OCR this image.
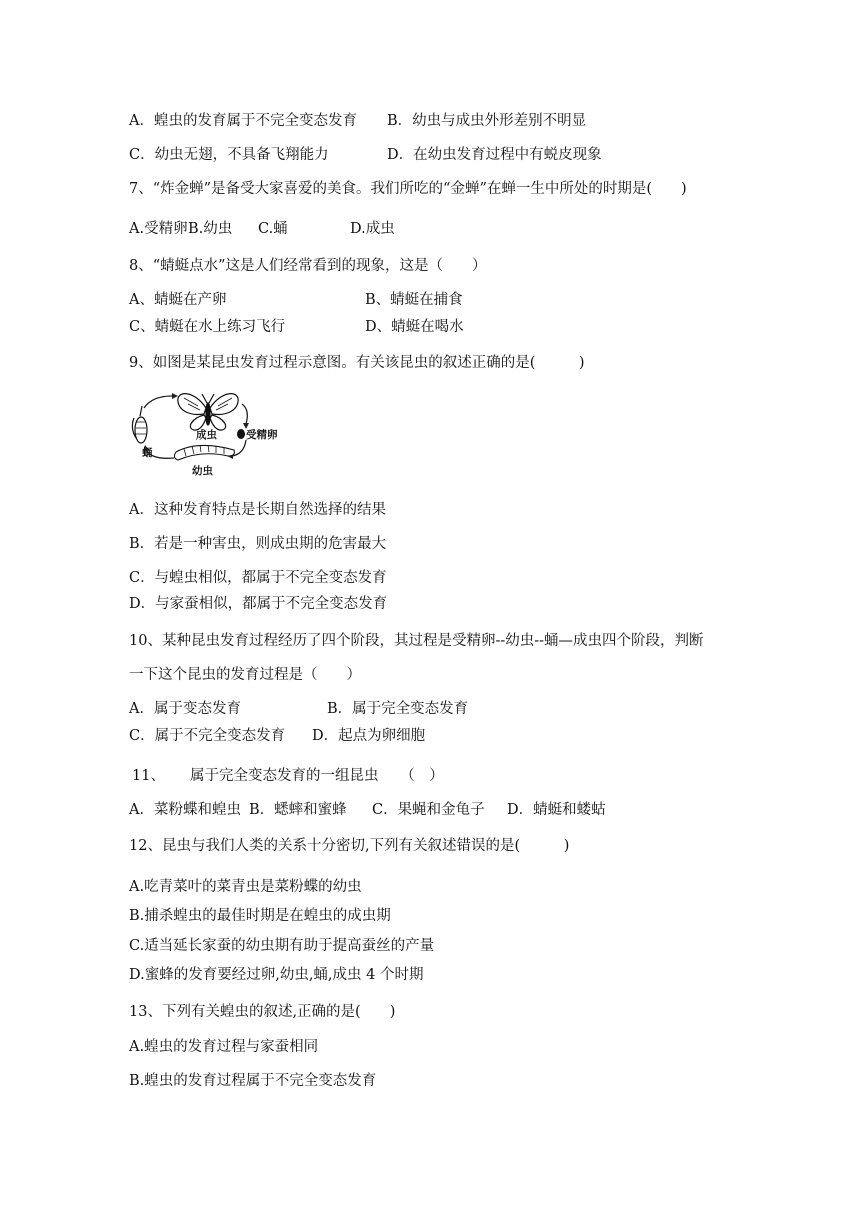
A．蝗虫的发育属于不完全变态发育 B．幼虫与成虫外形差别不明显
C．幼虫无翅，不具备飞翔能力	D．在幼虫发育过程中有蜕皮现象
7、“炸金蝉”是备受大家喜爱的美食。我们所吃的“金蝉”在蝉一生中所处的时期是(　　)
A.受精卵 B.幼虫 C.蛹	D.成虫
8、“蜻蜓点水”这是人们经常看到的现象，这是（　　）
A、蜻蜓在产卵	B、蜻蜓在捕食
C、蜻蜓在水上练习飞行	D、蜻蜓在喝水
9、如图是某昆虫发育过程示意图。有关该昆虫的叙述正确的是(　　　)
成虫	受精卵
蛹
幼虫
A．这种发育特点是长期自然选择的结果
B．若是一种害虫，则成虫期的危害最大
C．与蝗虫相似，都属于不完全变态发育
D．与家蚕相似，都属于不完全变态发育
10、某种昆虫发育过程经历了四个阶段，其过程是受精卵--幼虫--蛹—成虫四个阶段，判断
一下这个昆虫的发育过程是（　　）
A．属于变态发育	B．属于完全变态发育
C．属于不完全变态发育 D．起点为卵细胞
11、 属于完全变态发育的一组昆虫　　（　）
A．菜粉蝶和蝗虫 B．蟋蟀和蜜蜂 C．果蝇和金龟子 D．蜻蜓和蝼蛄
12、昆虫与我们人类的关系十分密切,下列有关叙述错误的是(　　　)
A.吃青菜叶的菜青虫是菜粉蝶的幼虫
B.捕杀蝗虫的最佳时期是在蝗虫的成虫期
C.适当延长家蚕的幼虫期有助于提高蚕丝的产量
D.蜜蜂的发育要经过卵,幼虫,蛹,成虫 4 个时期
13、下列有关蝗虫的叙述,正确的是(　　)
A.蝗虫的发育过程与家蚕相同
B.蝗虫的发育过程属于不完全变态发育
